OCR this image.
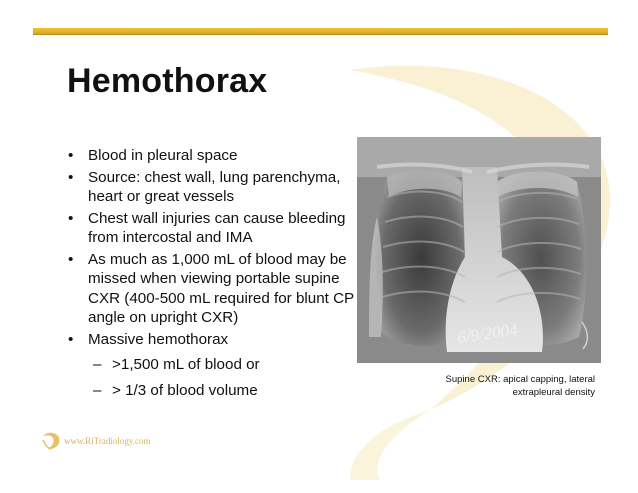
Hemothorax
• Blood in pleural space
• Source: chest wall, lung parenchyma, heart or great vessels
• Chest wall injuries can cause bleeding from intercostal and IMA
• As much as 1,000 mL of blood may be missed when viewing portable supine CXR (400-500 mL required for blunt CP angle on upright CXR)
• Massive hemothorax
– >1,500 mL of blood or
– > 1/3 of blood volume
6/9/2004
Supine CXR: apical capping, lateral
extrapleural density
www.RiTradiology.com
